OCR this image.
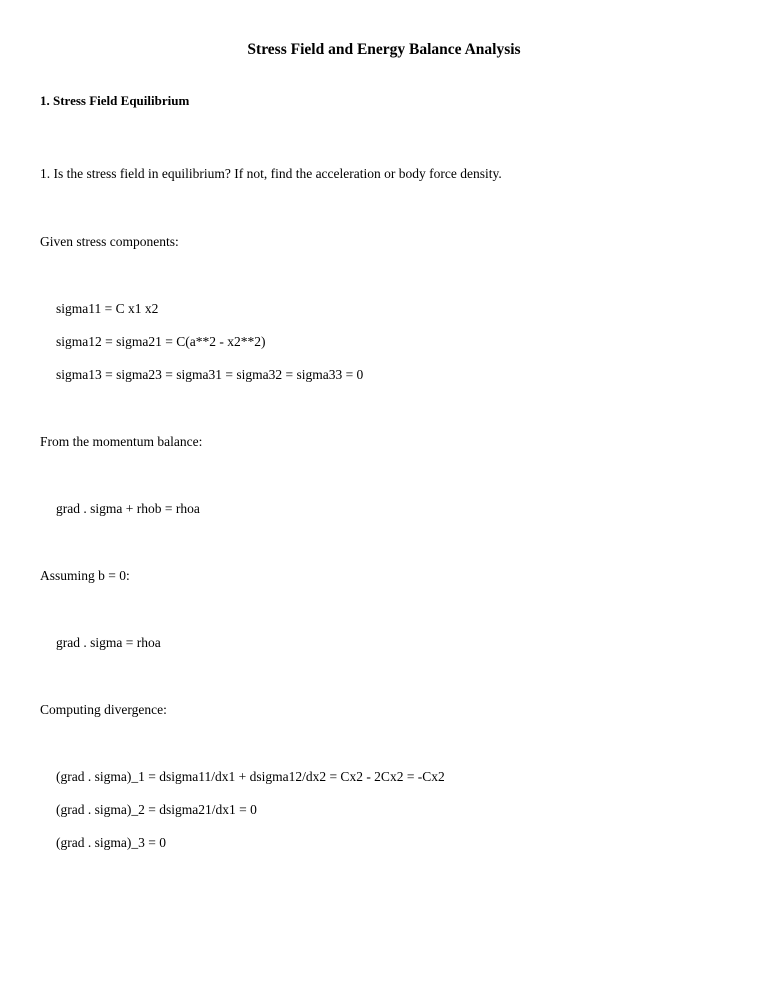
Stress Field and Energy Balance Analysis
1. Stress Field Equilibrium

1. Is the stress field in equilibrium? If not, find the acceleration or body force density.

Given stress components:

sigma11 = C x1 x2

sigma12 = sigma21 = C(a**2 - x2**2)

sigma13 = sigma23 = sigma31 = sigma32 = sigma33 = 0

From the momentum balance:

grad . sigma + rhob = rhoa

Assuming b = 0:

grad . sigma = rhoa

Computing divergence:

(grad . sigma)_1 = dsigma11/dx1 + dsigma12/dx2 = Cx2 - 2Cx2 = -Cx2

(grad . sigma)_2 = dsigma21/dx1 = 0

(grad . sigma)_3 = 0
